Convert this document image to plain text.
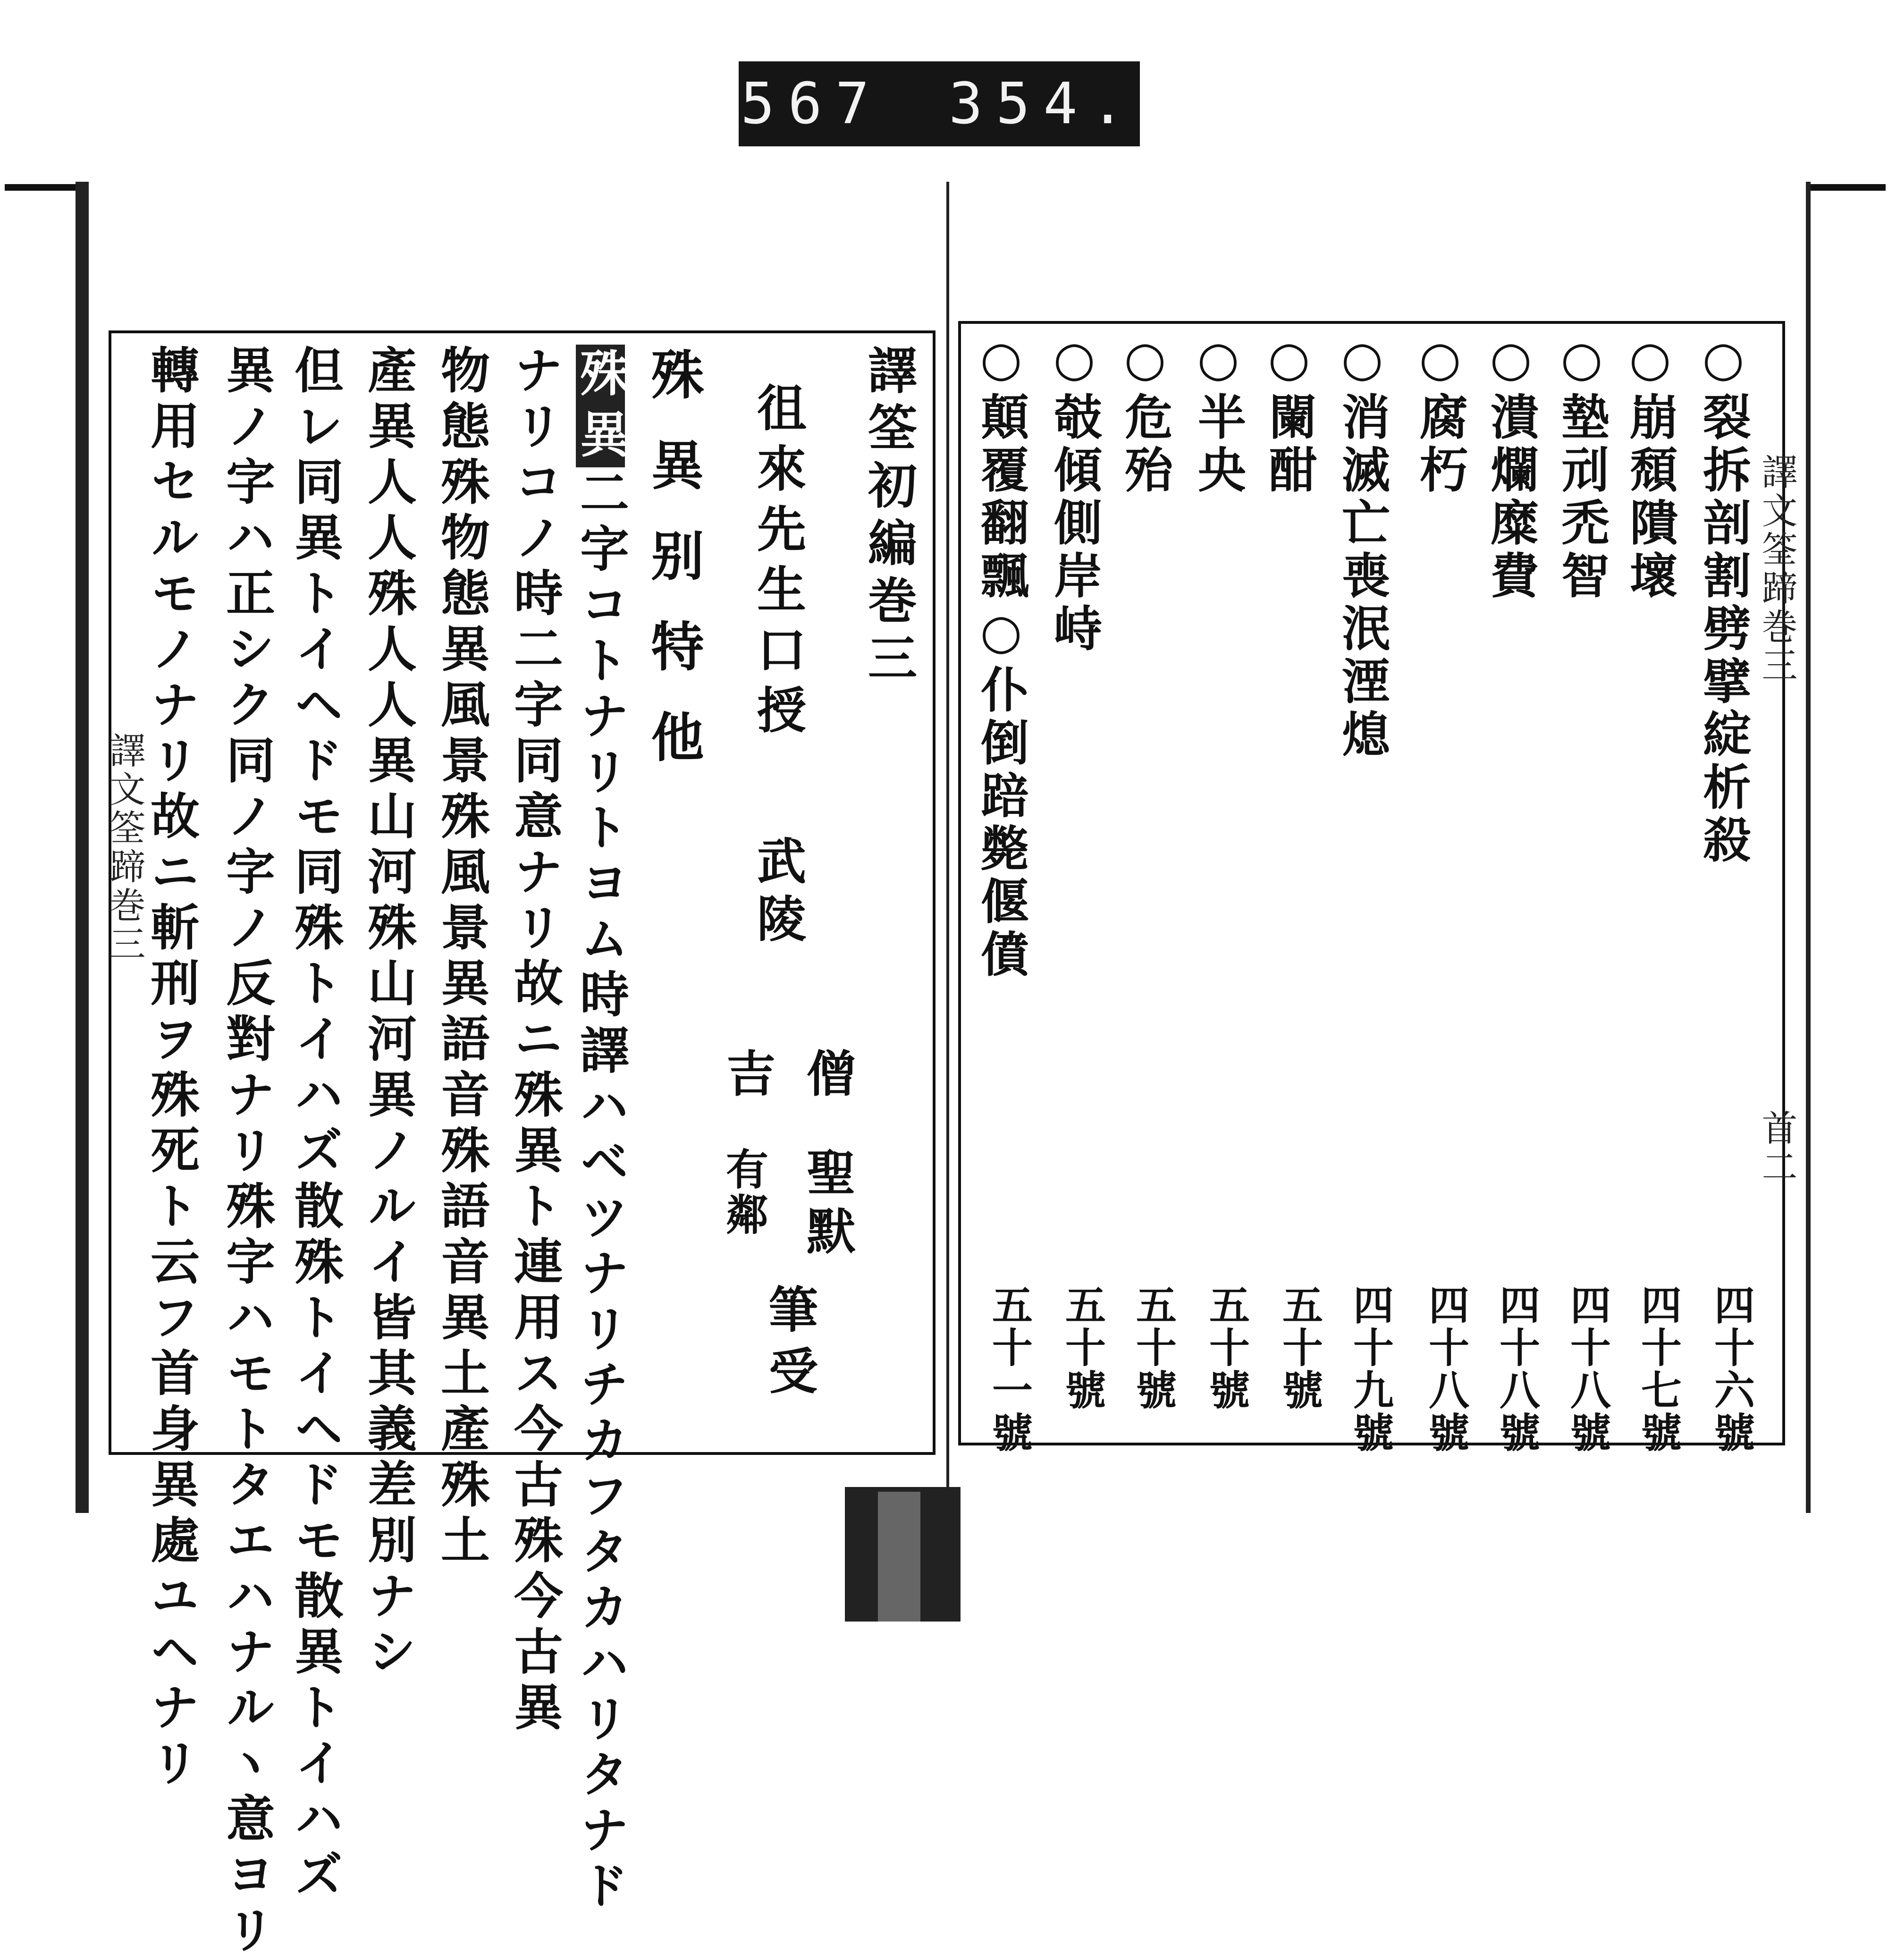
567 354.
譯文筌蹄巻三
譯文筌蹄巻三
首二
譯筌初編巻三
徂來先生口授
武陵
僧
聖默
吉
有鄰
筆受
殊異别特他
殊異二字コトナリトヨム時譯ハベツナリチカフタカハリタナド
ナリコノ時二字同意ナリ故ニ殊異ト連用ス今古殊今古異
物態殊物態異風景殊風景異語音殊語音異土產殊土
產異人人殊人人異山河殊山河異ノルイ皆其義差別ナシ
但レ同異トイヘドモ同殊トイハズ散殊トイヘドモ散異トイハズ
異ノ字ハ正シク同ノ字ノ反對ナリ殊字ハモトタエハナルヽ意ヨリ
轉用セルモノナリ故ニ斬刑ヲ殊死ト云フ首身異處ユヘナリ	○裂拆剖割劈擘綻析殺
○崩頹隤壞
○墊刓禿智
○潰爛糜費
○腐朽
○消滅亡喪泯湮熄
○闌酣
○半央
○危殆
○攲傾側岸峙
○顛覆翻飄○仆倒踣斃偃僨
四十六號
四十七號
四十八號
四十八號
四十八號
四十九號
五十號
五十號
五十號
五十號
五十一號
